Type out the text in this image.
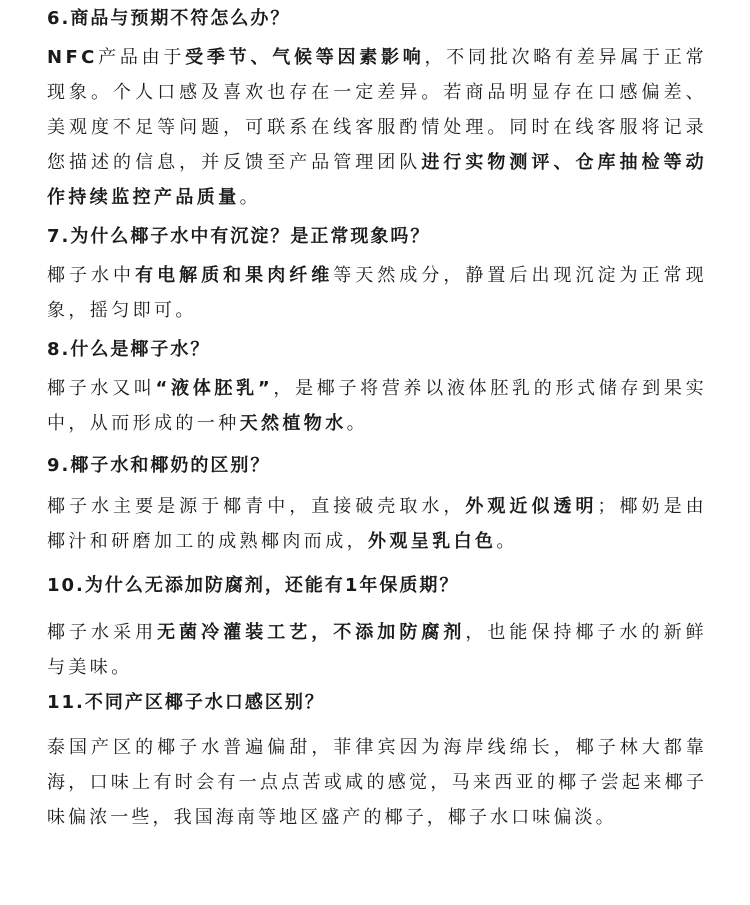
6.商品与预期不符怎么办？

NFC产品由于受季节、气候等因素影响，不同批次略有差异属于正常现象。个人口感及喜欢也存在一定差异。若商品明显存在口感偏差、美观度不足等问题，可联系在线客服酌情处理。同时在线客服将记录您描述的信息，并反馈至产品管理团队进行实物测评、仓库抽检等动作持续监控产品质量。

7.为什么椰子水中有沉淀？是正常现象吗？

椰子水中有电解质和果肉纤维等天然成分，静置后出现沉淀为正常现象，摇匀即可。

8.什么是椰子水？

椰子水又叫“液体胚乳”，是椰子将营养以液体胚乳的形式储存到果实中，从而形成的一种天然植物水。

9.椰子水和椰奶的区别？

椰子水主要是源于椰青中，直接破壳取水，外观近似透明；椰奶是由椰汁和研磨加工的成熟椰肉而成，外观呈乳白色。

10.为什么无添加防腐剂，还能有1年保质期？

椰子水采用无菌冷灌装工艺，不添加防腐剂，也能保持椰子水的新鲜与美味。

11.不同产区椰子水口感区别？

泰国产区的椰子水普遍偏甜，菲律宾因为海岸线绵长，椰子林大都靠海，口味上有时会有一点点苦或咸的感觉，马来西亚的椰子尝起来椰子味偏浓一些，我国海南等地区盛产的椰子，椰子水口味偏淡。
